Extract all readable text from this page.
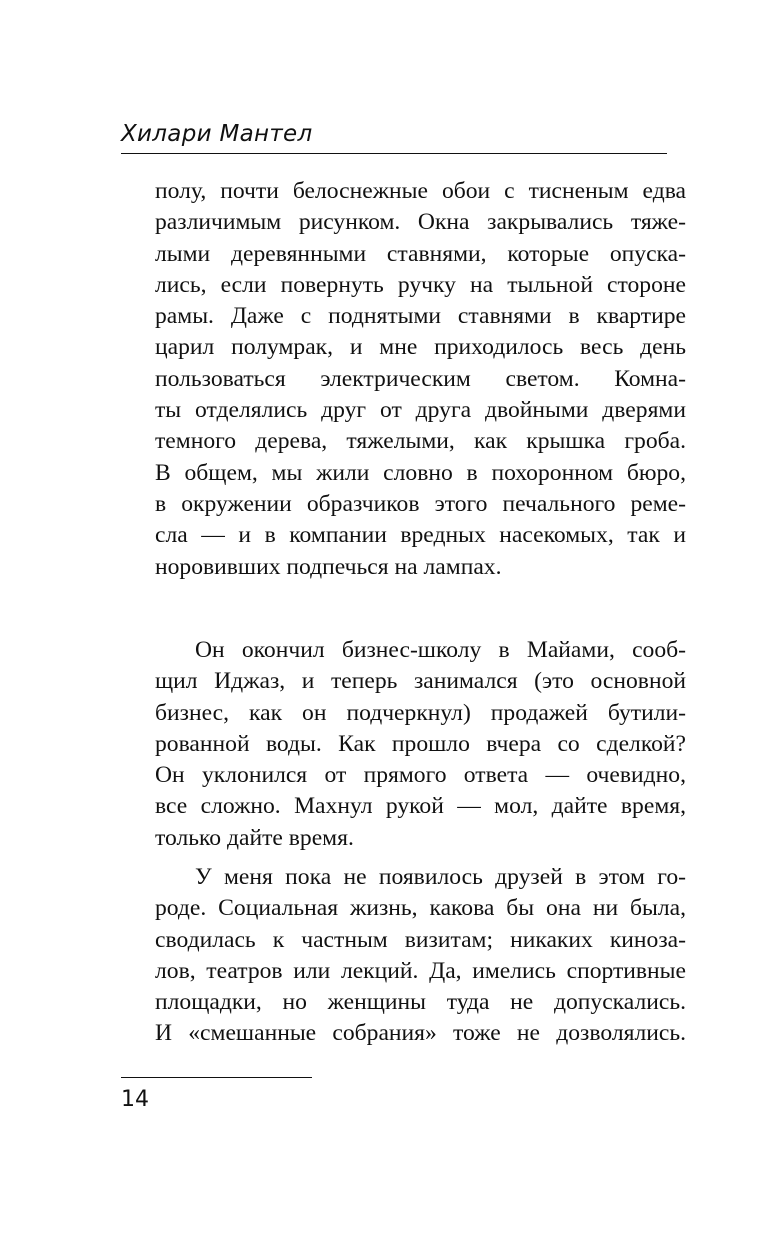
Хилари Мантел
полу, почти белоснежные обои с тисненым едва
различимым рисунком. Окна закрывались тяже-
лыми деревянными ставнями, которые опуска-
лись, если повернуть ручку на тыльной стороне
рамы. Даже с поднятыми ставнями в квартире
царил полумрак, и мне приходилось весь день
пользоваться электрическим светом. Комна-
ты отделялись друг от друга двойными дверями
темного дерева, тяжелыми, как крышка гроба.
В общем, мы жили словно в похоронном бюро,
в окружении образчиков этого печального реме-
сла — и в компании вредных насекомых, так и
норовивших подпечься на лампах.
Он окончил бизнес-школу в Майами, сооб-
щил Иджаз, и теперь занимался (это основной
бизнес, как он подчеркнул) продажей бутили-
рованной воды. Как прошло вчера со сделкой?
Он уклонился от прямого ответа — очевидно,
все сложно. Махнул рукой — мол, дайте время,
только дайте время.
У меня пока не появилось друзей в этом го-
роде. Социальная жизнь, какова бы она ни была,
сводилась к частным визитам; никаких киноза-
лов, театров или лекций. Да, имелись спортивные
площадки, но женщины туда не допускались.
И «смешанные собрания» тоже не дозволялись.
14
